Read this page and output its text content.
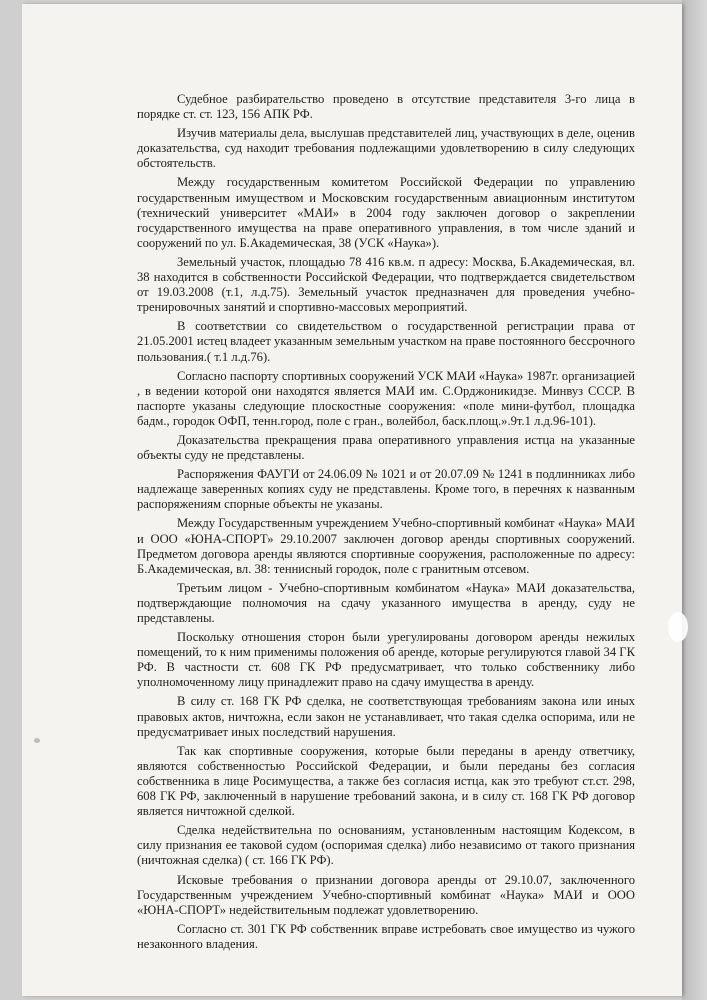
Судебное разбирательство проведено в отсутствие представителя 3-го лица в порядке ст. ст. 123, 156 АПК РФ.

Изучив материалы дела, выслушав представителей лиц, участвующих в деле, оценив доказательства, суд находит требования подлежащими удовлетворению в силу следующих обстоятельств.

Между государственным комитетом Российской Федерации по управлению государственным имуществом и Московским государственным авиационным институтом (технический университет «МАИ» в 2004 году заключен договор о закреплении государственного имущества на праве оперативного управления, в том числе зданий и сооружений по ул. Б.Академическая, 38 (УСК «Наука»).

Земельный участок, площадью 78 416 кв.м. п адресу: Москва, Б.Академическая, вл. 38 находится в собственности Российской Федерации, что подтверждается свидетельством от 19.03.2008 (т.1, л.д.75). Земельный участок предназначен для проведения учебно-тренировочных занятий и спортивно-массовых мероприятий.

В соответствии со свидетельством о государственной регистрации права от 21.05.2001 истец владеет указанным земельным участком на праве постоянного бессрочного пользования.( т.1 л.д.76).

Согласно паспорту спортивных сооружений УСК МАИ «Наука» 1987г. организацией , в ведении которой они находятся является МАИ им. С.Орджоникидзе. Минвуз СССР. В паспорте указаны следующие плоскостные сооружения: «поле мини-футбол, площадка бадм., городок ОФП, тенн.город, поле с гран., волейбол, баск.площ.».9т.1 л.д.96-101).

Доказательства прекращения права оперативного управления истца на указанные объекты суду не представлены.

Распоряжения ФАУГИ от 24.06.09 № 1021 и от 20.07.09 № 1241 в подлинниках либо надлежаще заверенных копиях суду не представлены. Кроме того, в перечнях к названным распоряжениям спорные объекты не указаны.

Между Государственным учреждением Учебно-спортивный комбинат «Наука» МАИ и ООО «ЮНА-СПОРТ» 29.10.2007 заключен договор аренды спортивных сооружений. Предметом договора аренды являются спортивные сооружения, расположенные по адресу: Б.Академическая, вл. 38: теннисный городок, поле с гранитным отсевом.

Третьим лицом - Учебно-спортивным комбинатом «Наука» МАИ доказательства, подтверждающие полномочия на сдачу указанного имущества в аренду, суду не представлены.

Поскольку отношения сторон были урегулированы договором аренды нежилых помещений, то к ним применимы положения об аренде, которые регулируются главой 34 ГК РФ. В частности ст. 608 ГК РФ предусматривает, что только собственнику либо уполномоченному лицу принадлежит право на сдачу имущества в аренду.

В силу ст. 168 ГК РФ сделка, не соответствующая требованиям закона или иных правовых актов, ничтожна, если закон не устанавливает, что такая сделка оспорима, или не предусматривает иных последствий нарушения.

Так как спортивные сооружения, которые были переданы в аренду ответчику, являются собственностью Российской Федерации, и были переданы без согласия собственника в лице Росимущества, а также без согласия истца, как это требуют ст.ст. 298, 608 ГК РФ, заключенный в нарушение требований закона, и в силу ст. 168 ГК РФ договор является ничтожной сделкой.

Сделка недействительна по основаниям, установленным настоящим Кодексом, в силу признания ее таковой судом (оспоримая сделка) либо независимо от такого признания (ничтожная сделка) ( ст. 166 ГК РФ).

Исковые требования о признании договора аренды от 29.10.07, заключенного Государственным учреждением Учебно-спортивный комбинат «Наука» МАИ и ООО «ЮНА-СПОРТ» недействительным подлежат удовлетворению.

Согласно ст. 301 ГК РФ собственник вправе истребовать свое имущество из чужого незаконного владения.
